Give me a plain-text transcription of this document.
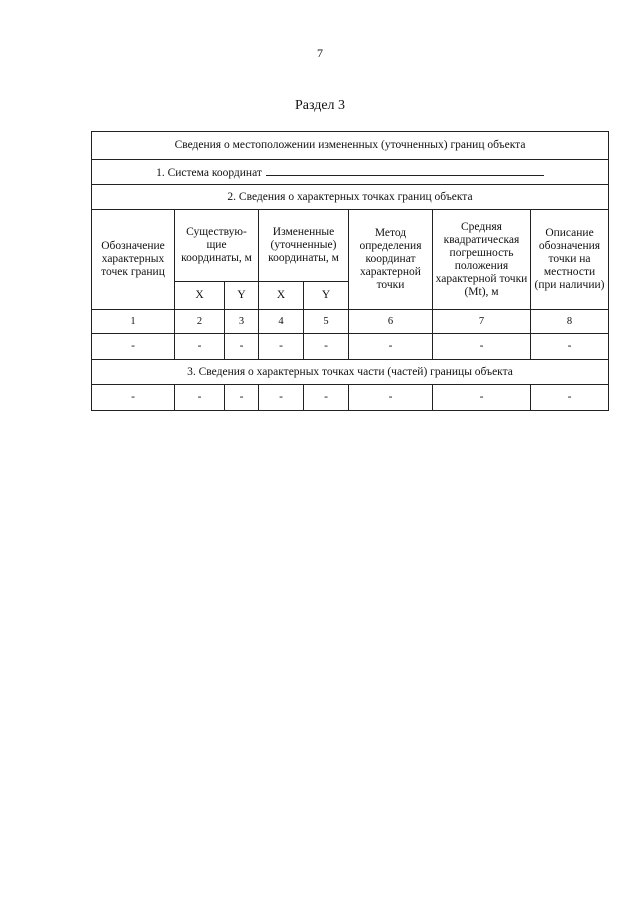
7
Раздел 3
Сведения о местоположении измененных (уточненных) границ объекта							
1. Система координат							
2. Сведения о характерных точках границ объекта							
Обозначение характерных точек границ	Существую-щие координаты, м		Измененные (уточненные) координаты, м		Метод определения координат характерной точки	Средняя квадратическая погрешность положения характерной точки (Mt), м	Описание обозначения точки на местности (при наличии)
	X	Y	X	Y			
1	2	3	4	5	6	7	8
-	-	-	-	-	-	-	-
3. Сведения о характерных точках части (частей) границы объекта							
-	-	-	-	-	-	-	-
